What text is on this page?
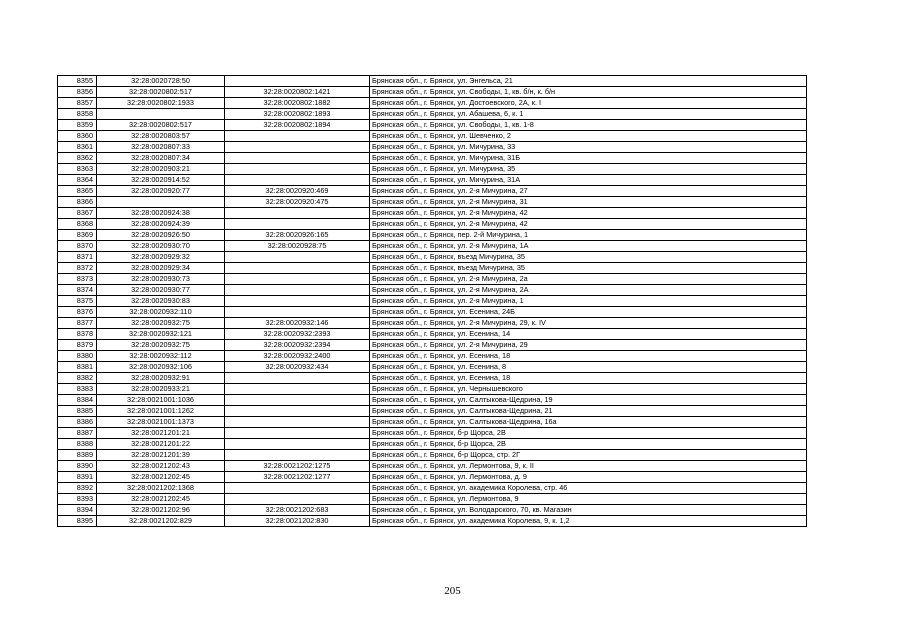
8355	32:28:0020728:50		Брянская обл., г. Брянск, ул. Энгельса, 21
8356	32:28:0020802:517	32:28:0020802:1421	Брянская обл., г. Брянск, ул. Свободы, 1, кв. б/н, к. б/н
8357	32:28:0020802:1933	32:28:0020802:1882	Брянская обл., г. Брянск, ул. Достоевского, 2А, к. I
8358		32:28:0020802:1893	Брянская обл., г. Брянск, ул. Абашева, 6, к. 1
8359	32:28:0020802:517	32:28:0020802:1894	Брянская обл., г. Брянск, ул. Свободы, 1, кв. 1-8
8360	32:28:0020803:57		Брянская обл., г. Брянск, ул. Шевченко, 2
8361	32:28:0020807:33		Брянская обл., г. Брянск, ул. Мичурина, 33
8362	32:28:0020807:34		Брянская обл., г. Брянск, ул. Мичурина, 31Б
8363	32:28:0020903:21		Брянская обл., г. Брянск, ул. Мичурина, 35
8364	32:28:0020914:52		Брянская обл., г. Брянск, ул. Мичурина, 31А
8365	32:28:0020920:77	32:28:0020920:469	Брянская обл., г. Брянск, ул. 2-я Мичурина, 27
8366		32:28:0020920:475	Брянская обл., г. Брянск, ул. 2-я Мичурина, 31
8367	32:28:0020924:38		Брянская обл., г. Брянск, ул. 2-я Мичурина, 42
8368	32:28:0020924:39		Брянская обл., г. Брянск, ул. 2-я Мичурина, 42
8369	32:28:0020926:50	32:28:0020926:165	Брянская обл., г. Брянск, пер. 2-й Мичурина, 1
8370	32:28:0020930:70	32:28:0020928:75	Брянская обл., г. Брянск, ул. 2-я Мичурина, 1А
8371	32:28:0020929:32		Брянская обл., г. Брянск, въезд Мичурина, 35
8372	32:28:0020929:34		Брянская обл., г. Брянск, въезд Мичурина, 35
8373	32:28:0020930:73		Брянская обл., г. Брянск, ул. 2-я Мичурина, 2а
8374	32:28:0020930:77		Брянская обл., г. Брянск, ул. 2-я Мичурина, 2А
8375	32:28:0020930:83		Брянская обл., г. Брянск, ул. 2-я Мичурина, 1
8376	32:28:0020932:110		Брянская обл., г. Брянск, ул. Есенина, 24Б
8377	32:28:0020932:75	32:28:0020932:146	Брянская обл., г. Брянск, ул. 2-я Мичурина, 29, к. IV
8378	32:28:0020932:121	32:28:0020932:2393	Брянская обл., г. Брянск, ул. Есенина, 14
8379	32:28:0020932:75	32:28:0020932:2394	Брянская обл., г. Брянск, ул. 2-я Мичурина, 29
8380	32:28:0020932:112	32:28:0020932:2400	Брянская обл., г. Брянск, ул. Есенина, 18
8381	32:28:0020932:106	32:28:0020932:434	Брянская обл., г. Брянск, ул. Есенина, 8
8382	32:28:0020932:91		Брянская обл., г. Брянск, ул. Есенина, 18
8383	32:28:0020933:21		Брянская обл., г. Брянск, ул. Чернышевского
8384	32:28:0021001:1036		Брянская обл., г. Брянск, ул. Салтыкова-Щедрина, 19
8385	32:28:0021001:1262		Брянская обл., г. Брянск, ул. Салтыкова-Щедрина, 21
8386	32:28:0021001:1373		Брянская обл., г. Брянск, ул. Салтыкова-Щедрина, 16а
8387	32:28:0021201:21		Брянская обл., г. Брянск, б-р Щорса, 2В
8388	32:28:0021201:22		Брянская обл., г. Брянск, б-р Щорса, 2В
8389	32:28:0021201:39		Брянская обл., г. Брянск, б-р Щорса, стр. 2Г
8390	32:28:0021202:43	32:28:0021202:1275	Брянская обл., г. Брянск, ул. Лермонтова, 9, к. II
8391	32:28:0021202:45	32:28:0021202:1277	Брянская обл., г. Брянск, ул. Лермонтова, д. 9
8392	32:28:0021202:1368		Брянская обл., г. Брянск, ул. академика Королева, стр. 46
8393	32:28:0021202:45		Брянская обл., г. Брянск, ул. Лермонтова, 9
8394	32:28:0021202:96	32:28:0021202:683	Брянская обл., г. Брянск, ул. Володарского, 70, кв. Магазин
8395	32:28:0021202:829	32:28:0021202:830	Брянская обл., г. Брянск, ул. академика Королева, 9, к. 1,2
205
